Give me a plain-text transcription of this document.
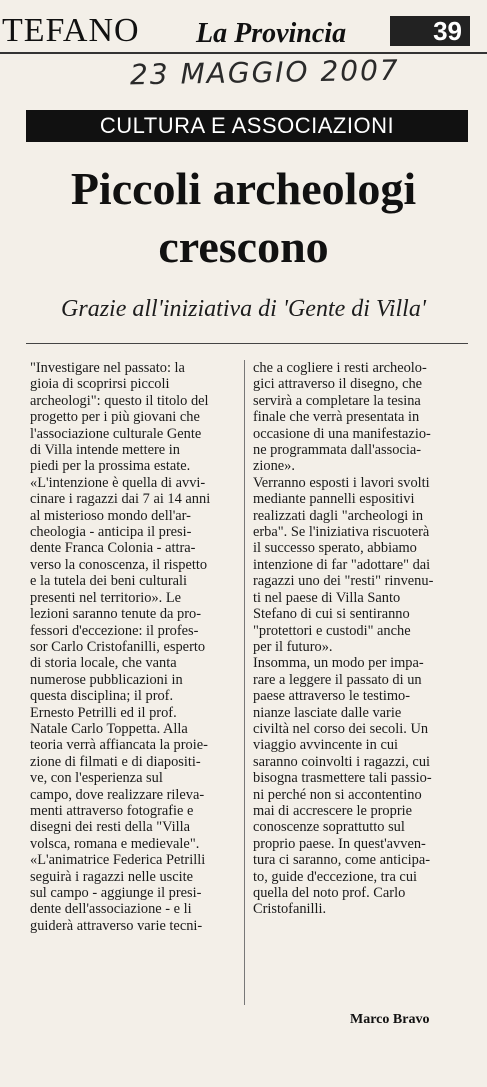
TEFANO La Provincia	39
23 MAGGIO 2007
CULTURA E ASSOCIAZIONI
Piccoli archeologi
crescono
Grazie all'iniziativa di 'Gente di Villa'
"Investigare nel passato: la
gioia di scoprirsi piccoli
archeologi": questo il titolo del
progetto per i più giovani che
l'associazione culturale Gente
di Villa intende mettere in
piedi per la prossima estate.
«L'intenzione è quella di avvi-
cinare i ragazzi dai 7 ai 14 anni
al misterioso mondo dell'ar-
cheologia - anticipa il presi-
dente Franca Colonia - attra-
verso la conoscenza, il rispetto
e la tutela dei beni culturali
presenti nel territorio». Le
lezioni saranno tenute da pro-
fessori d'eccezione: il profes-
sor Carlo Cristofanilli, esperto
di storia locale, che vanta
numerose pubblicazioni in
questa disciplina; il prof.
Ernesto Petrilli ed il prof.
Natale Carlo Toppetta. Alla
teoria verrà affiancata la proie-
zione di filmati e di diapositi-
ve, con l'esperienza sul
campo, dove realizzare rileva-
menti attraverso fotografie e
disegni dei resti della "Villa
volsca, romana e medievale".
«L'animatrice Federica Petrilli
seguirà i ragazzi nelle uscite
sul campo - aggiunge il presi-
dente dell'associazione - e li
guiderà attraverso varie tecni-
che a cogliere i resti archeolo-
gici attraverso il disegno, che
servirà a completare la tesina
finale che verrà presentata in
occasione di una manifestazio-
ne programmata dall'associa-
zione».
Verranno esposti i lavori svolti
mediante pannelli espositivi
realizzati dagli "archeologi in
erba". Se l'iniziativa riscuoterà
il successo sperato, abbiamo
intenzione di far "adottare" dai
ragazzi uno dei "resti" rinvenu-
ti nel paese di Villa Santo
Stefano di cui si sentiranno
"protettori e custodi" anche
per il futuro».
Insomma, un modo per impa-
rare a leggere il passato di un
paese attraverso le testimo-
nianze lasciate dalle varie
civiltà nel corso dei secoli. Un
viaggio avvincente in cui
saranno coinvolti i ragazzi, cui
bisogna trasmettere tali passio-
ni perché non si accontentino
mai di accrescere le proprie
conoscenze soprattutto sul
proprio paese. In quest'avven-
tura ci saranno, come anticipa-
to, guide d'eccezione, tra cui
quella del noto prof. Carlo
Cristofanilli.
Marco Bravo
